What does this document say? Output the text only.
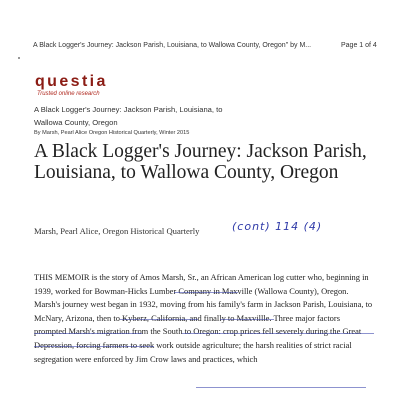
A Black Logger's Journey: Jackson Parish, Louisiana, to Wallowa County, Oregon" by M...	Page 1 of 4
questia
Trusted online research
A Black Logger's Journey: Jackson Parish, Louisiana, to
Wallowa County, Oregon
By Marsh, Pearl Alice Oregon Historical Quarterly, Winter 2015
A Black Logger's Journey: Jackson Parish, Louisiana, to Wallowa County, Oregon
Marsh, Pearl Alice, Oregon Historical Quarterly	(cont) 114 (4)
THIS MEMOIR is the story of Amos Marsh, Sr., an African American log cutter who, beginning in 1939, worked for Bowman-Hicks Lumber Company in Maxville (Wallowa County), Oregon. Marsh's journey west began in 1932, moving from his family's farm in Jackson Parish, Louisiana, to McNary, Arizona, then to Kyberz, California, and finally to Maxvillle. Three major factors prompted Marsh's migration from the South to Oregon: crop prices fell severely during the Great Depression, forcing farmers to seek work outside agriculture; the harsh realities of strict racial segregation were enforced by Jim Crow laws and practices, which
